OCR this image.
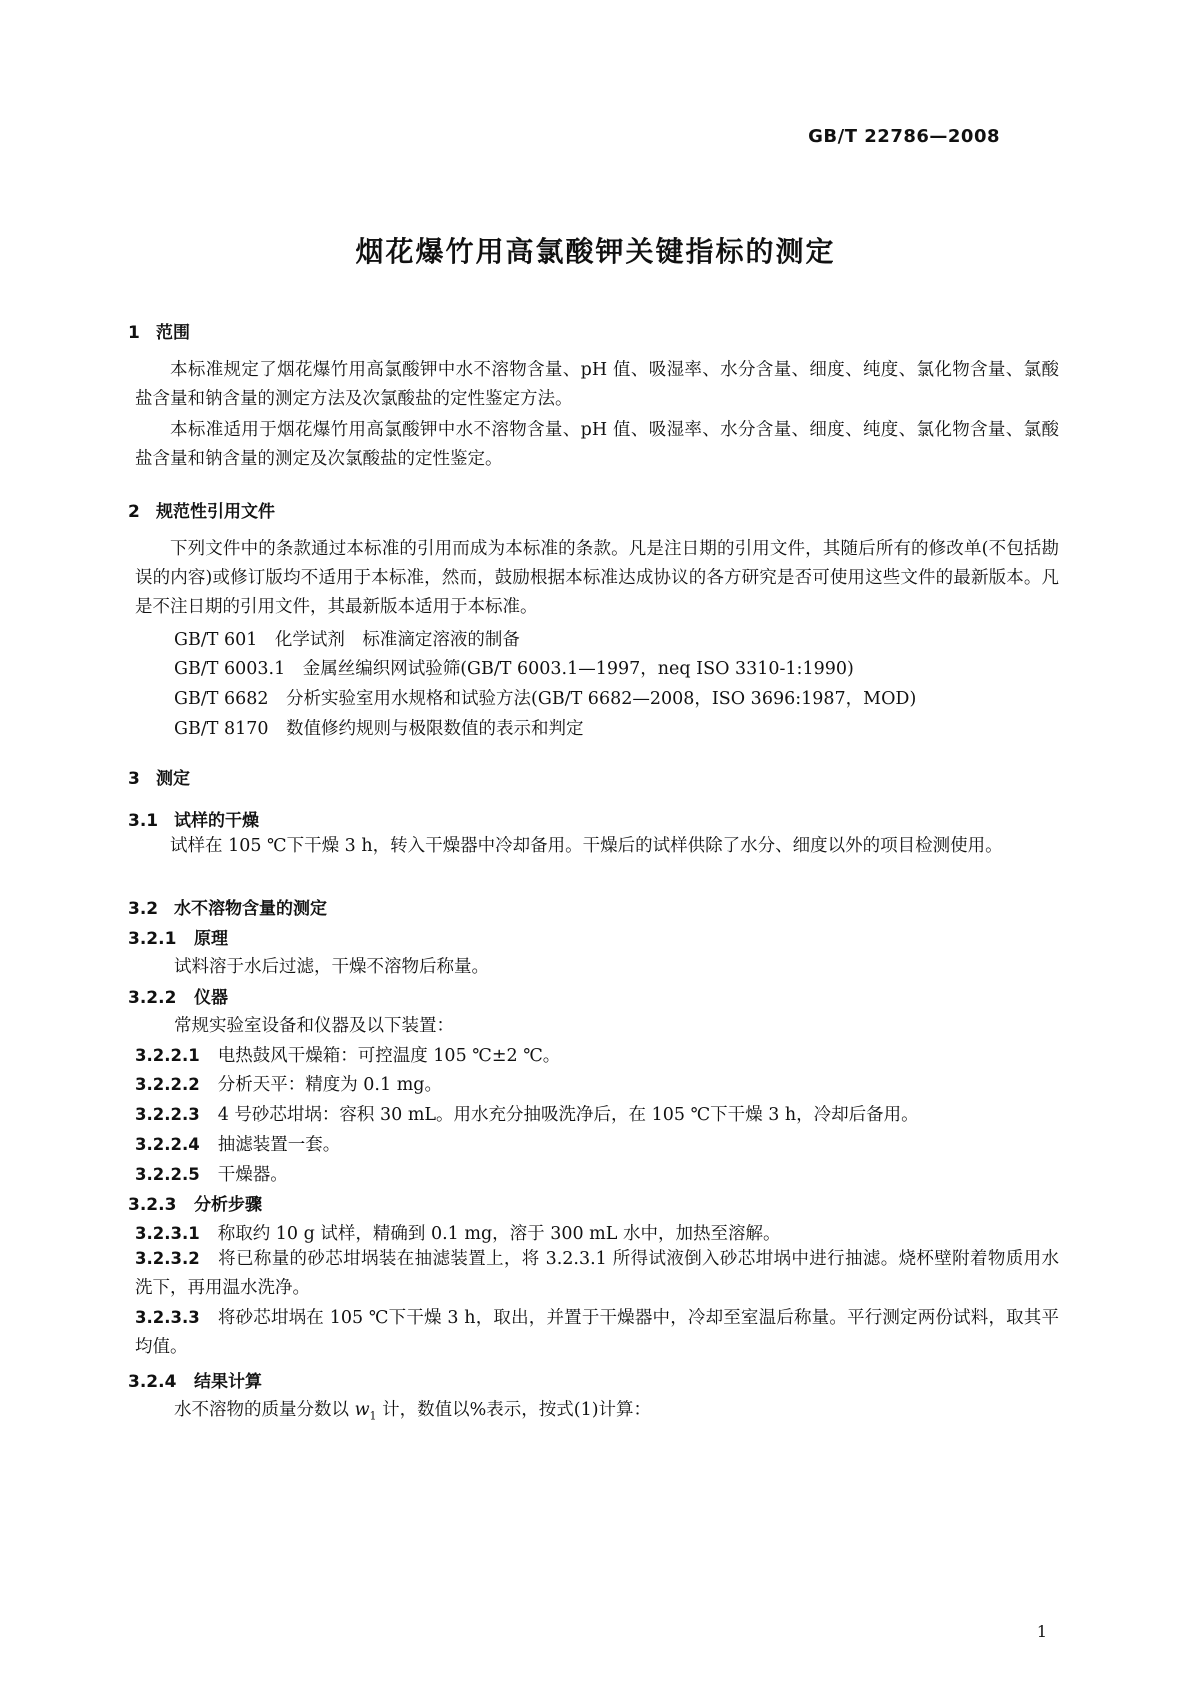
GB/T 22786—2008
烟花爆竹用高氯酸钾关键指标的测定
1 范围
本标准规定了烟花爆竹用高氯酸钾中水不溶物含量、pH 值、吸湿率、水分含量、细度、纯度、氯化物含量、氯酸盐含量和钠含量的测定方法及次氯酸盐的定性鉴定方法。
本标准适用于烟花爆竹用高氯酸钾中水不溶物含量、pH 值、吸湿率、水分含量、细度、纯度、氯化物含量、氯酸盐含量和钠含量的测定及次氯酸盐的定性鉴定。
2 规范性引用文件
下列文件中的条款通过本标准的引用而成为本标准的条款。凡是注日期的引用文件，其随后所有的修改单(不包括勘误的内容)或修订版均不适用于本标准，然而，鼓励根据本标准达成协议的各方研究是否可使用这些文件的最新版本。凡是不注日期的引用文件，其最新版本适用于本标准。
GB/T 601　化学试剂　标准滴定溶液的制备
GB/T 6003.1　金属丝编织网试验筛(GB/T 6003.1—1997，neq ISO 3310-1:1990)
GB/T 6682　分析实验室用水规格和试验方法(GB/T 6682—2008，ISO 3696:1987，MOD)
GB/T 8170　数值修约规则与极限数值的表示和判定
3 测定
3.1 试样的干燥
试样在 105 ℃下干燥 3 h，转入干燥器中冷却备用。干燥后的试样供除了水分、细度以外的项目检测使用。
3.2 水不溶物含量的测定
3.2.1 原理
试料溶于水后过滤，干燥不溶物后称量。
3.2.2 仪器
常规实验室设备和仪器及以下装置：
3.2.2.1 电热鼓风干燥箱：可控温度 105 ℃±2 ℃。
3.2.2.2 分析天平：精度为 0.1 mg。
3.2.2.3 4 号砂芯坩埚：容积 30 mL。用水充分抽吸洗净后，在 105 ℃下干燥 3 h，冷却后备用。
3.2.2.4 抽滤装置一套。
3.2.2.5 干燥器。
3.2.3 分析步骤
3.2.3.1 称取约 10 g 试样，精确到 0.1 mg，溶于 300 mL 水中，加热至溶解。
3.2.3.2 将已称量的砂芯坩埚装在抽滤装置上，将 3.2.3.1 所得试液倒入砂芯坩埚中进行抽滤。烧杯壁附着物质用水洗下，再用温水洗净。
3.2.3.3 将砂芯坩埚在 105 ℃下干燥 3 h，取出，并置于干燥器中，冷却至室温后称量。平行测定两份试料，取其平均值。
3.2.4 结果计算
水不溶物的质量分数以 $w_1$ 计，数值以%表示，按式(1)计算：
1
